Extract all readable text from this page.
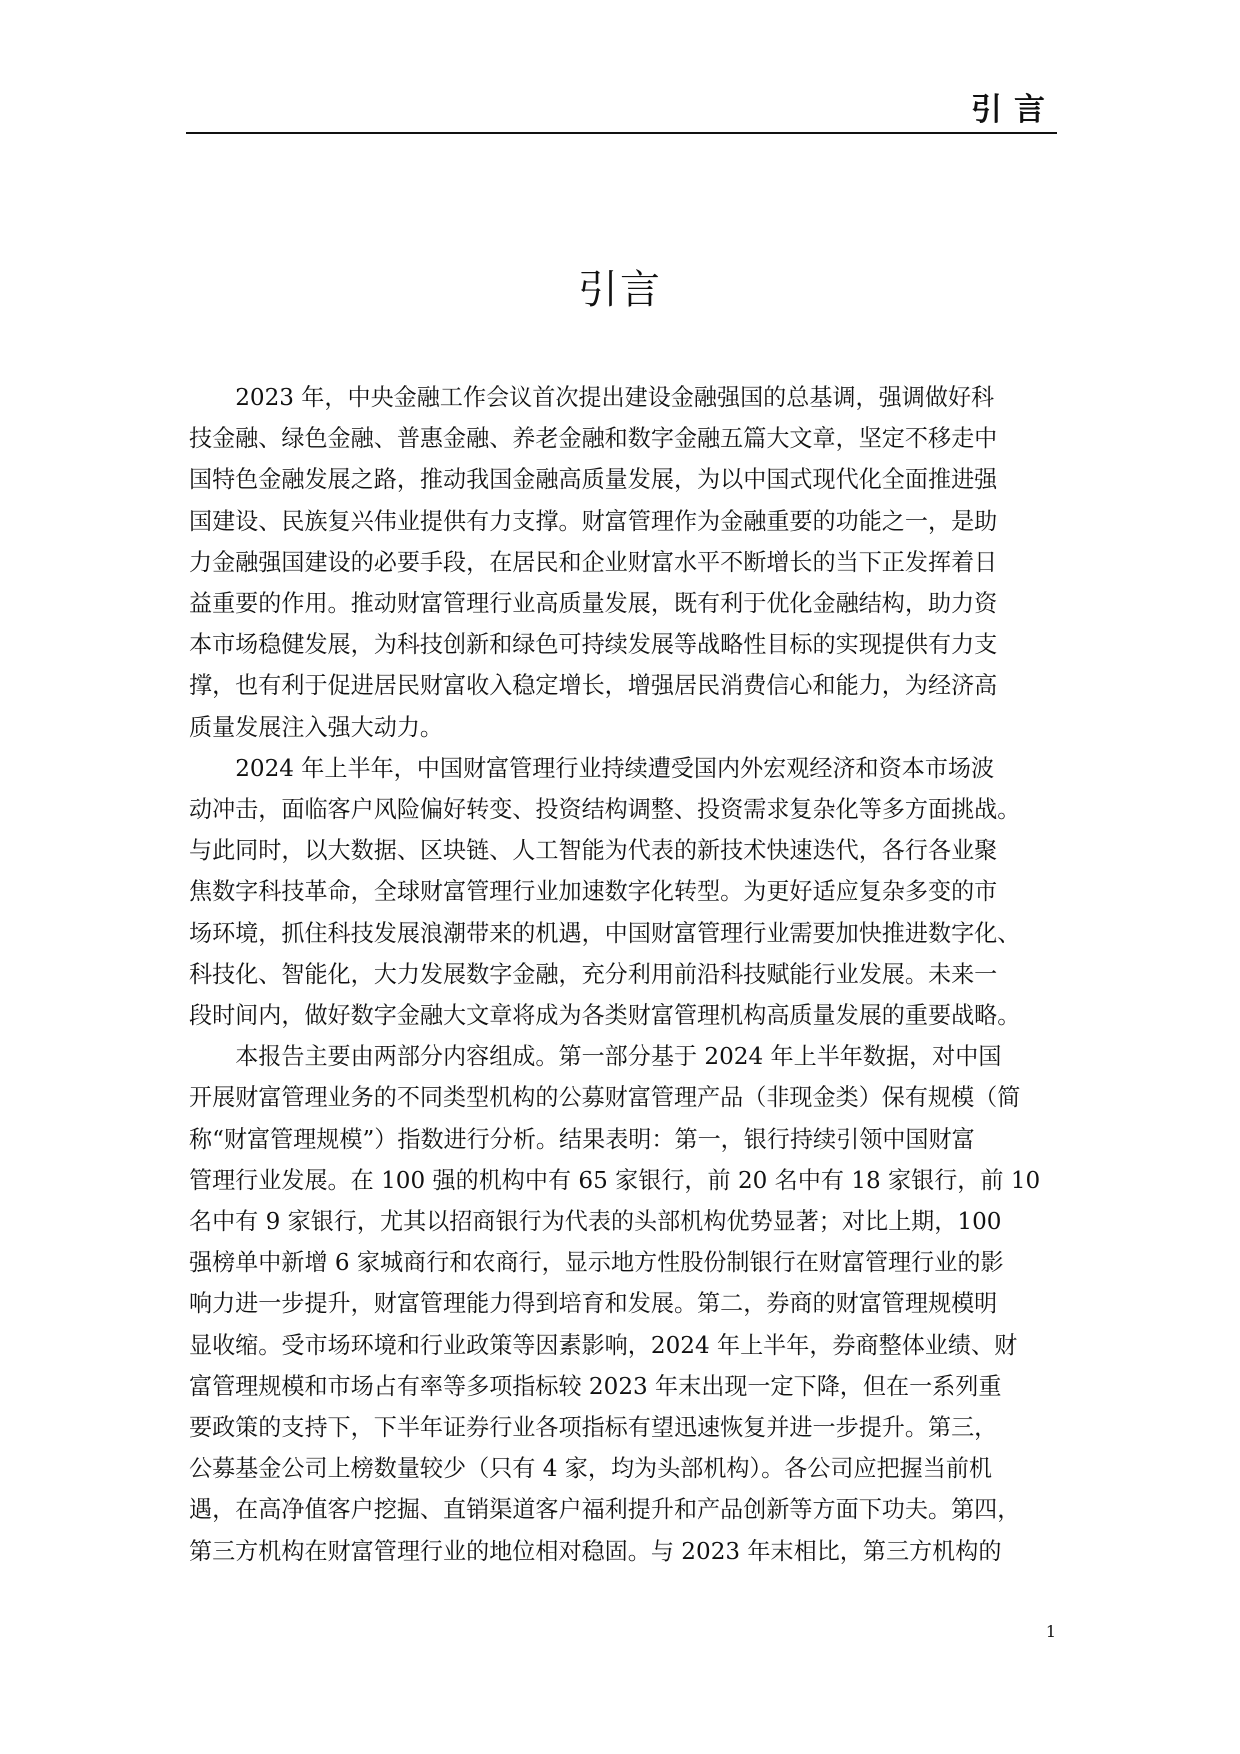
引言
引言

2023 年，中央金融工作会议首次提出建设金融强国的总基调，强调做好科
技金融、绿色金融、普惠金融、养老金融和数字金融五篇大文章，坚定不移走中
国特色金融发展之路，推动我国金融高质量发展，为以中国式现代化全面推进强
国建设、民族复兴伟业提供有力支撑。财富管理作为金融重要的功能之一，是助
力金融强国建设的必要手段，在居民和企业财富水平不断增长的当下正发挥着日
益重要的作用。推动财富管理行业高质量发展，既有利于优化金融结构，助力资
本市场稳健发展，为科技创新和绿色可持续发展等战略性目标的实现提供有力支
撑，也有利于促进居民财富收入稳定增长，增强居民消费信心和能力，为经济高
质量发展注入强大动力。

2024 年上半年，中国财富管理行业持续遭受国内外宏观经济和资本市场波
动冲击，面临客户风险偏好转变、投资结构调整、投资需求复杂化等多方面挑战。
与此同时，以大数据、区块链、人工智能为代表的新技术快速迭代，各行各业聚
焦数字科技革命，全球财富管理行业加速数字化转型。为更好适应复杂多变的市
场环境，抓住科技发展浪潮带来的机遇，中国财富管理行业需要加快推进数字化、
科技化、智能化，大力发展数字金融，充分利用前沿科技赋能行业发展。未来一
段时间内，做好数字金融大文章将成为各类财富管理机构高质量发展的重要战略。

本报告主要由两部分内容组成。第一部分基于 2024 年上半年数据，对中国
开展财富管理业务的不同类型机构的公募财富管理产品（非现金类）保有规模（简
称“财富管理规模”）指数进行分析。结果表明：第一，银行持续引领中国财富
管理行业发展。在 100 强的机构中有 65 家银行，前 20 名中有 18 家银行，前 10
名中有 9 家银行，尤其以招商银行为代表的头部机构优势显著；对比上期，100
强榜单中新增 6 家城商行和农商行，显示地方性股份制银行在财富管理行业的影
响力进一步提升，财富管理能力得到培育和发展。第二，券商的财富管理规模明
显收缩。受市场环境和行业政策等因素影响，2024 年上半年，券商整体业绩、财
富管理规模和市场占有率等多项指标较 2023 年末出现一定下降，但在一系列重
要政策的支持下，下半年证券行业各项指标有望迅速恢复并进一步提升。第三，
公募基金公司上榜数量较少（只有 4 家，均为头部机构）。各公司应把握当前机
遇，在高净值客户挖掘、直销渠道客户福利提升和产品创新等方面下功夫。第四，
第三方机构在财富管理行业的地位相对稳固。与 2023 年末相比，第三方机构的

1
